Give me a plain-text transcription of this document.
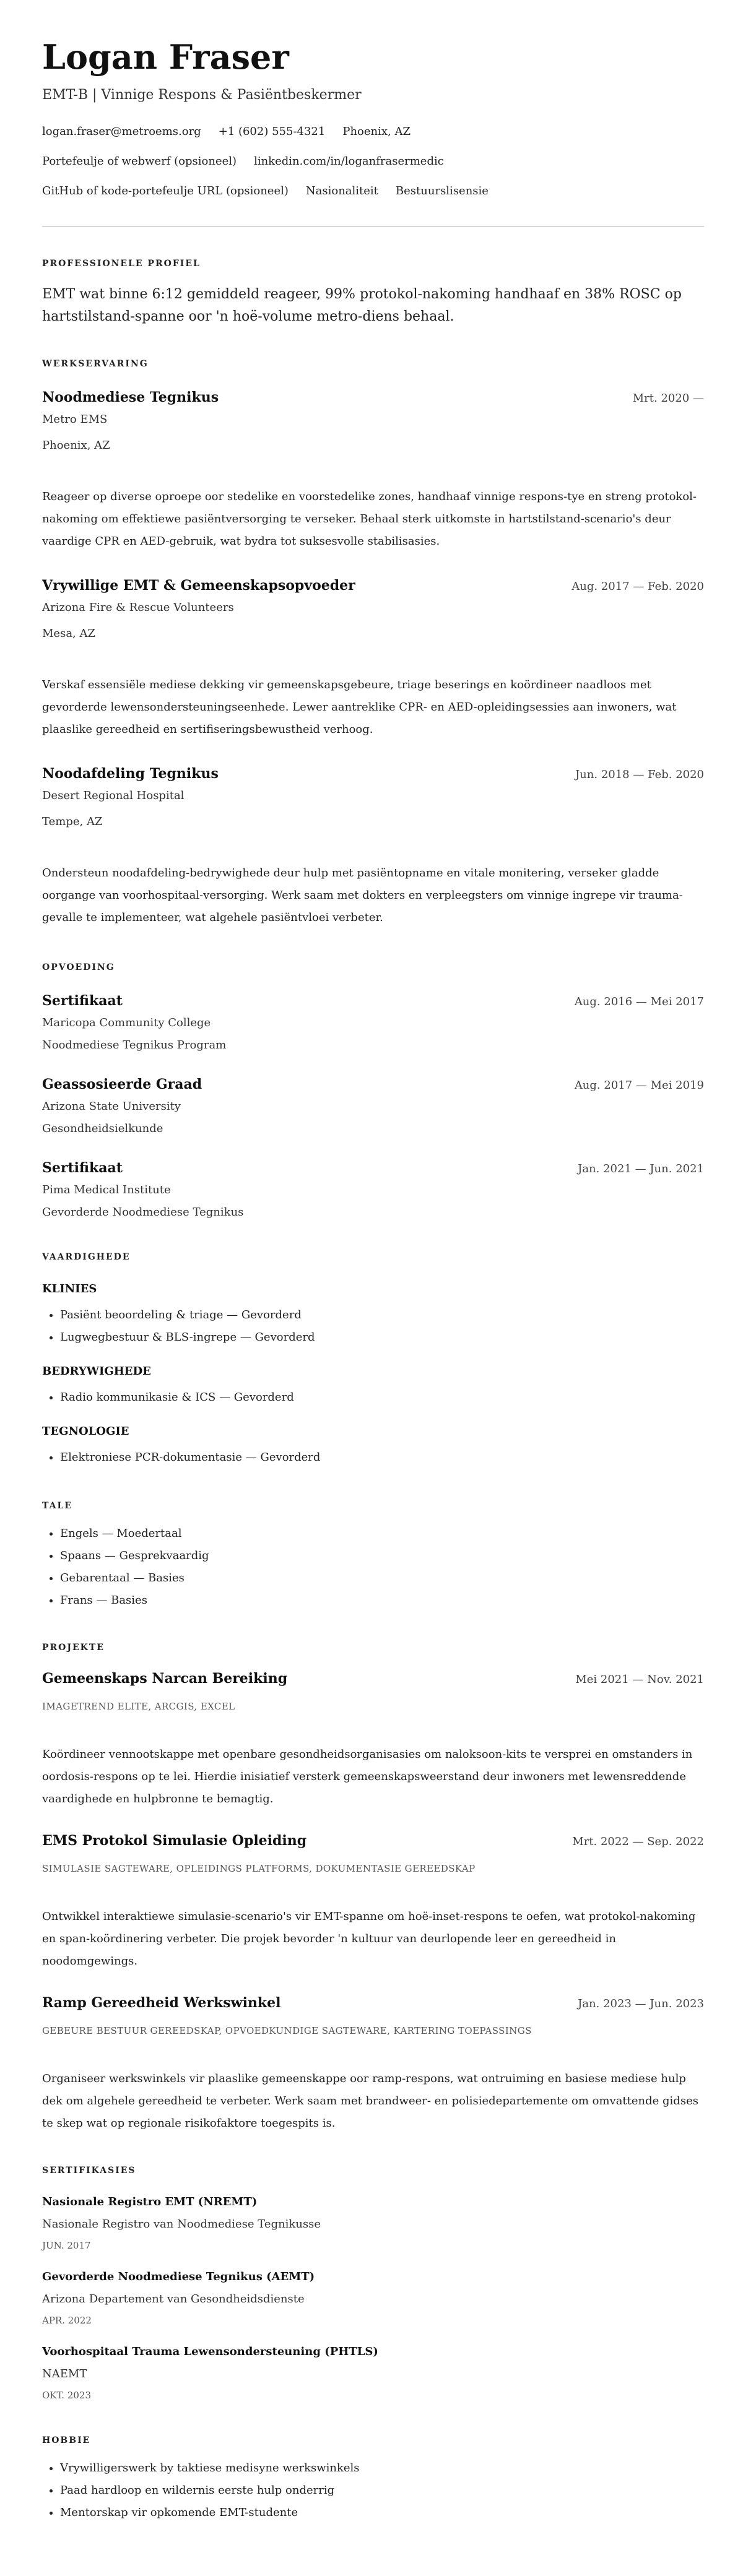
Logan Fraser
EMT-B | Vinnige Respons & Pasiëntbeskermer
logan.fraser@metroems.org +1 (602) 555-4321 Phoenix, AZ
Portefeulje of webwerf (opsioneel) linkedin.com/in/loganfrasermedic
GitHub of kode-portefeulje URL (opsioneel) Nasionaliteit Bestuurslisensie
PROFESSIONELE PROFIEL
EMT wat binne 6:12 gemiddeld reageer, 99% protokol-nakoming handhaaf en 38% ROSC op hartstilstand-spanne oor 'n hoë-volume metro-diens behaal.
WERKSERVARING
Noodmediese Tegnikus	Mrt. 2020 —
Metro EMS
Phoenix, AZ
Reageer op diverse oproepe oor stedelike en voorstedelike zones, handhaaf vinnige respons-tye en streng protokol-nakoming om effektiewe pasiëntversorging te verseker. Behaal sterk uitkomste in hartstilstand-scenario's deur vaardige CPR en AED-gebruik, wat bydra tot suksesvolle stabilisasies.
Vrywillige EMT & Gemeenskapsopvoeder	Aug. 2017 — Feb. 2020
Arizona Fire & Rescue Volunteers
Mesa, AZ
Verskaf essensiële mediese dekking vir gemeenskapsgebeure, triage beserings en koördineer naadloos met gevorderde lewensondersteuningseenhede. Lewer aantreklike CPR- en AED-opleidingsessies aan inwoners, wat plaaslike gereedheid en sertifiseringsbewustheid verhoog.
Noodafdeling Tegnikus	Jun. 2018 — Feb. 2020
Desert Regional Hospital
Tempe, AZ
Ondersteun noodafdeling-bedrywighede deur hulp met pasiëntopname en vitale monitering, verseker gladde oorgange van voorhospitaal-versorging. Werk saam met dokters en verpleegsters om vinnige ingrepe vir trauma-gevalle te implementeer, wat algehele pasiëntvloei verbeter.
OPVOEDING
Sertifikaat	Aug. 2016 — Mei 2017
Maricopa Community College
Noodmediese Tegnikus Program
Geassosieerde Graad	Aug. 2017 — Mei 2019
Arizona State University
Gesondheidsielkunde
Sertifikaat	Jan. 2021 — Jun. 2021
Pima Medical Institute
Gevorderde Noodmediese Tegnikus
VAARDIGHEDE
KLINIES
• Pasiënt beoordeling & triage — Gevorderd
• Lugwegbestuur & BLS-ingrepe — Gevorderd
BEDRYWIGHEDE
• Radio kommunikasie & ICS — Gevorderd
TEGNOLOGIE
• Elektroniese PCR-dokumentasie — Gevorderd
TALE
• Engels — Moedertaal
• Spaans — Gesprekvaardig
• Gebarentaal — Basies
• Frans — Basies
PROJEKTE
Gemeenskaps Narcan Bereiking	Mei 2021 — Nov. 2021
IMAGETREND ELITE, ARCGIS, EXCEL
Koördineer vennootskappe met openbare gesondheidsorganisasies om naloksoon-kits te versprei en omstanders in oordosis-respons op te lei. Hierdie inisiatief versterk gemeenskapsweerstand deur inwoners met lewensreddende vaardighede en hulpbronne te bemagtig.
EMS Protokol Simulasie Opleiding	Mrt. 2022 — Sep. 2022
SIMULASIE SAGTEWARE, OPLEIDINGS PLATFORMS, DOKUMENTASIE GEREEDSKAP
Ontwikkel interaktiewe simulasie-scenario's vir EMT-spanne om hoë-inset-respons te oefen, wat protokol-nakoming en span-koördinering verbeter. Die projek bevorder 'n kultuur van deurlopende leer en gereedheid in noodomgewings.
Ramp Gereedheid Werkswinkel	Jan. 2023 — Jun. 2023
GEBEURE BESTUUR GEREEDSKAP, OPVOEDKUNDIGE SAGTEWARE, KARTERING TOEPASSINGS
Organiseer werkswinkels vir plaaslike gemeenskappe oor ramp-respons, wat ontruiming en basiese mediese hulp dek om algehele gereedheid te verbeter. Werk saam met brandweer- en polisiedepartemente om omvattende gidses te skep wat op regionale risikofaktore toegespits is.
SERTIFIKASIES
Nasionale Registro EMT (NREMT)
Nasionale Registro van Noodmediese Tegnikusse
JUN. 2017
Gevorderde Noodmediese Tegnikus (AEMT)
Arizona Departement van Gesondheidsdienste
APR. 2022
Voorhospitaal Trauma Lewensondersteuning (PHTLS)
NAEMT
OKT. 2023
HOBBIE
• Vrywilligerswerk by taktiese medisyne werkswinkels
• Paad hardloop en wildernis eerste hulp onderrig
• Mentorskap vir opkomende EMT-studente
